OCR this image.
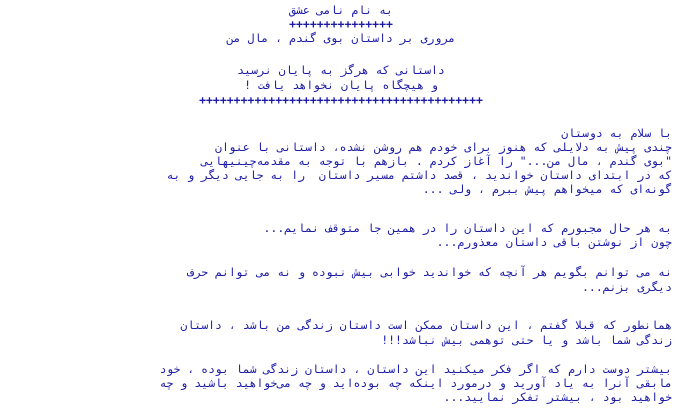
به نام نامی عشق
+++++++++++++++
مروری بر داستان بوی گندم ، مال من
داستانی که هرگز به پایان نرسید
و هیچگاه پایان نخواهد یافت !
+++++++++++++++++++++++++++++++++++++++++
با سلام به دوستان
چندی پیش به دلایلی که هنوز برای خودم هم روشن نشده، داستانی با عنوان
"بوی گندم ، مال من..." را آغاز کردم . بازهم با توجه به مقدمه‌چینیهایی
که در ابتدای داستان خواندید ، قصد داشتم مسیر داستان  را به جایی دیگر و به
گونه‌ای که میخواهم پیش ببرم ، ولی ...
به هر حال مجبورم که این داستان را در همین جا متوقف نمایم...
چون از نوشتن باقی داستان معذورم...
نه می توانم بگویم هر آنچه که خواندید خوابی بیش نبوده و نه می توانم حرف
دیگری بزنم...
همانطور که قبلا گفتم ، این داستان ممکن است داستان زندگی من باشد ، داستان
زندگی شما باشد و یا حتی توهمی بیش نباشد!!!
بیشتر دوست دارم که اگر فکر میکنید این داستان ، داستان زندگی شما بوده ، خود
مابقی آنرا به یاد آورید و درمورد اینکه چه بوده‌اید و چه می‌خواهید باشید و چه
خواهید بود ، بیشتر تفکر نمایید...
